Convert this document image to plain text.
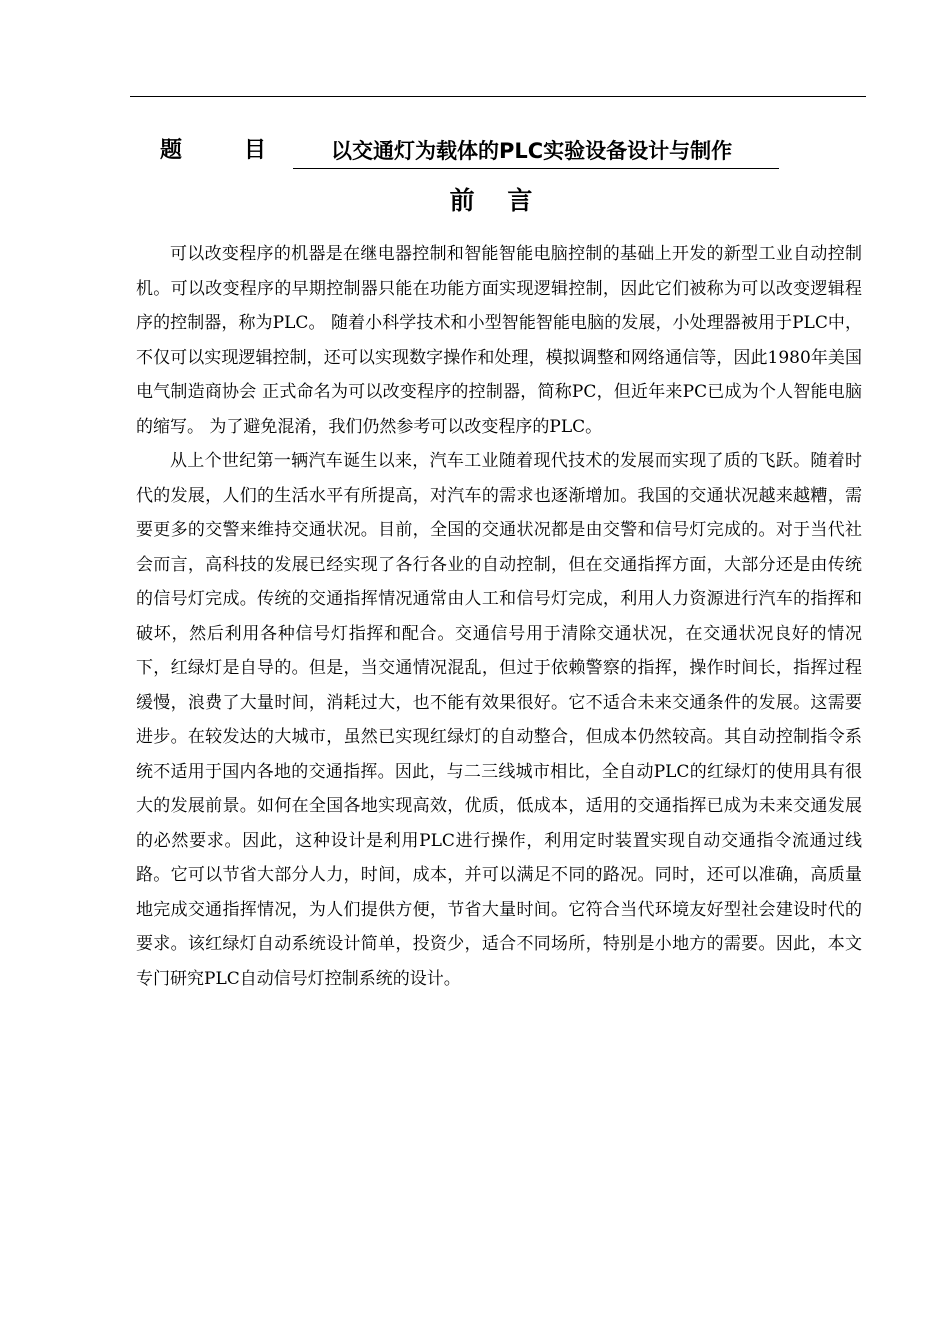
题目 以交通灯为载体的PLC实验设备设计与制作
前 言

可以改变程序的机器是在继电器控制和智能智能电脑控制的基础上开发的新型工业自动控制机。可以改变程序的早期控制器只能在功能方面实现逻辑控制，因此它们被称为可以改变逻辑程序的控制器，称为PLC。 随着小科学技术和小型智能智能电脑的发展，小处理器被用于PLC中，不仅可以实现逻辑控制，还可以实现数字操作和处理，模拟调整和网络通信等，因此1980年美国电气制造商协会 正式命名为可以改变程序的控制器，简称PC，但近年来PC已成为个人智能电脑的缩写。 为了避免混淆，我们仍然参考可以改变程序的PLC。

从上个世纪第一辆汽车诞生以来，汽车工业随着现代技术的发展而实现了质的飞跃。随着时代的发展，人们的生活水平有所提高，对汽车的需求也逐渐增加。我国的交通状况越来越糟，需要更多的交警来维持交通状况。目前，全国的交通状况都是由交警和信号灯完成的。对于当代社会而言，高科技的发展已经实现了各行各业的自动控制，但在交通指挥方面，大部分还是由传统的信号灯完成。传统的交通指挥情况通常由人工和信号灯完成，利用人力资源进行汽车的指挥和破坏，然后利用各种信号灯指挥和配合。交通信号用于清除交通状况，在交通状况良好的情况下，红绿灯是自导的。但是，当交通情况混乱，但过于依赖警察的指挥，操作时间长，指挥过程缓慢，浪费了大量时间，消耗过大，也不能有效果很好。它不适合未来交通条件的发展。这需要进步。在较发达的大城市，虽然已实现红绿灯的自动整合，但成本仍然较高。其自动控制指令系统不适用于国内各地的交通指挥。因此，与二三线城市相比，全自动PLC的红绿灯的使用具有很大的发展前景。如何在全国各地实现高效，优质，低成本，适用的交通指挥已成为未来交通发展的必然要求。因此，这种设计是利用PLC进行操作，利用定时装置实现自动交通指令流通过线路。它可以节省大部分人力，时间，成本，并可以满足不同的路况。同时，还可以准确，高质量地完成交通指挥情况，为人们提供方便，节省大量时间。它符合当代环境友好型社会建设时代的要求。该红绿灯自动系统设计简单，投资少，适合不同场所，特别是小地方的需要。因此，本文专门研究PLC自动信号灯控制系统的设计。
